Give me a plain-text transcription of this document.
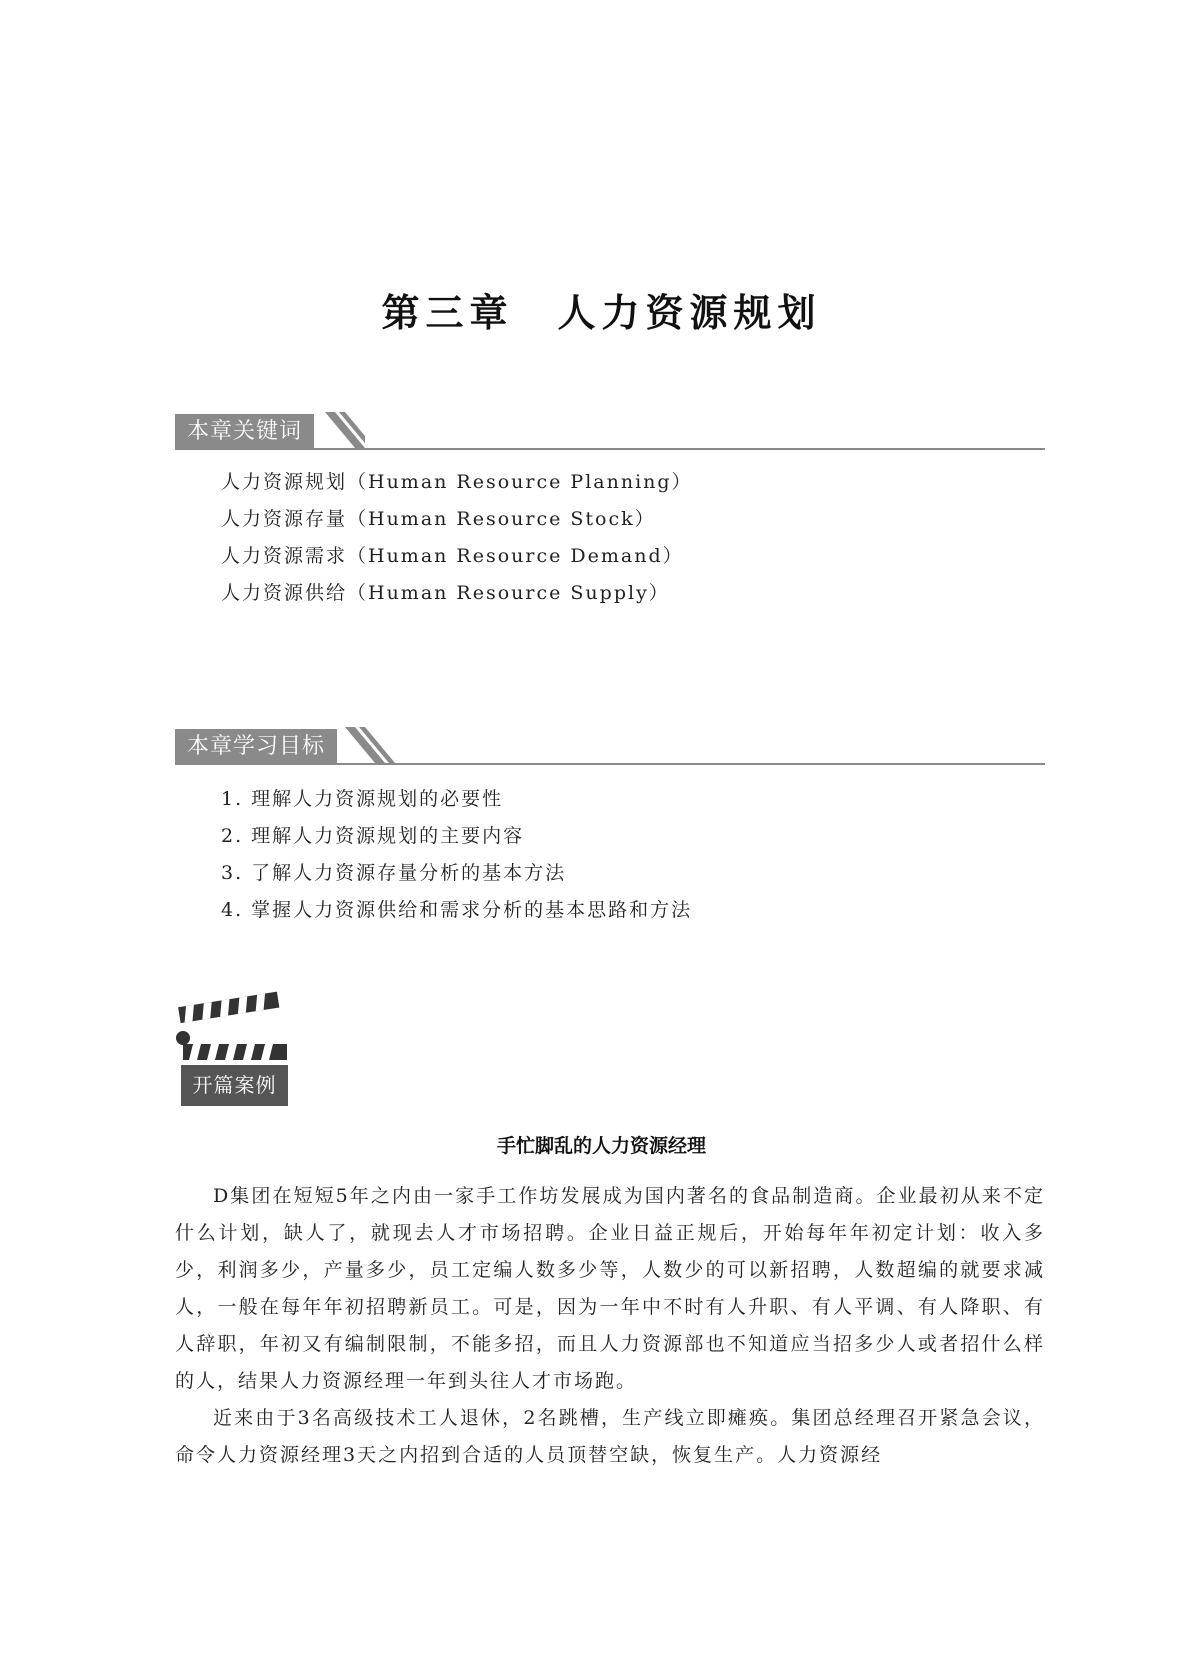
第三章　人力资源规划
本章关键词
人力资源规划（Human Resource Planning）
人力资源存量（Human Resource Stock）
人力资源需求（Human Resource Demand）
人力资源供给（Human Resource Supply）
本章学习目标
1. 理解人力资源规划的必要性
2. 理解人力资源规划的主要内容
3. 了解人力资源存量分析的基本方法
4. 掌握人力资源供给和需求分析的基本思路和方法
开篇案例
手忙脚乱的人力资源经理

D集团在短短5年之内由一家手工作坊发展成为国内著名的食品制造商。企业最初从来不定什么计划，缺人了，就现去人才市场招聘。企业日益正规后，开始每年年初定计划：收入多少，利润多少，产量多少，员工定编人数多少等，人数少的可以新招聘，人数超编的就要求减人，一般在每年年初招聘新员工。可是，因为一年中不时有人升职、有人平调、有人降职、有人辞职，年初又有编制限制，不能多招，而且人力资源部也不知道应当招多少人或者招什么样的人，结果人力资源经理一年到头往人才市场跑。

近来由于3名高级技术工人退休，2名跳槽，生产线立即瘫痪。集团总经理召开紧急会议，命令人力资源经理3天之内招到合适的人员顶替空缺，恢复生产。人力资源经
